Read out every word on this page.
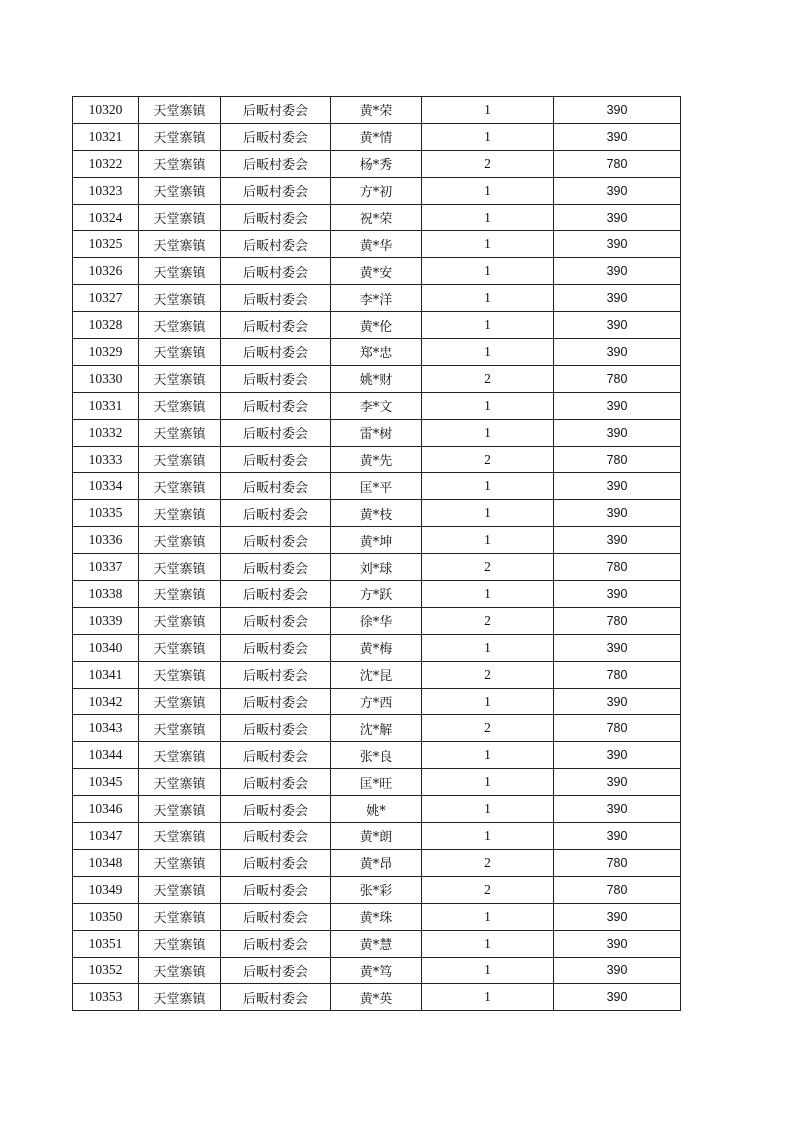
10320	天堂寨镇	后畈村委会	黄*荣	1	390
10321	天堂寨镇	后畈村委会	黄*情	1	390
10322	天堂寨镇	后畈村委会	杨*秀	2	780
10323	天堂寨镇	后畈村委会	方*初	1	390
10324	天堂寨镇	后畈村委会	祝*荣	1	390
10325	天堂寨镇	后畈村委会	黄*华	1	390
10326	天堂寨镇	后畈村委会	黄*安	1	390
10327	天堂寨镇	后畈村委会	李*洋	1	390
10328	天堂寨镇	后畈村委会	黄*伦	1	390
10329	天堂寨镇	后畈村委会	郑*忠	1	390
10330	天堂寨镇	后畈村委会	姚*财	2	780
10331	天堂寨镇	后畈村委会	李*文	1	390
10332	天堂寨镇	后畈村委会	雷*树	1	390
10333	天堂寨镇	后畈村委会	黄*先	2	780
10334	天堂寨镇	后畈村委会	匡*平	1	390
10335	天堂寨镇	后畈村委会	黄*枝	1	390
10336	天堂寨镇	后畈村委会	黄*坤	1	390
10337	天堂寨镇	后畈村委会	刘*球	2	780
10338	天堂寨镇	后畈村委会	方*跃	1	390
10339	天堂寨镇	后畈村委会	徐*华	2	780
10340	天堂寨镇	后畈村委会	黄*梅	1	390
10341	天堂寨镇	后畈村委会	沈*昆	2	780
10342	天堂寨镇	后畈村委会	方*西	1	390
10343	天堂寨镇	后畈村委会	沈*解	2	780
10344	天堂寨镇	后畈村委会	张*良	1	390
10345	天堂寨镇	后畈村委会	匡*旺	1	390
10346	天堂寨镇	后畈村委会	姚*	1	390
10347	天堂寨镇	后畈村委会	黄*朗	1	390
10348	天堂寨镇	后畈村委会	黄*昂	2	780
10349	天堂寨镇	后畈村委会	张*彩	2	780
10350	天堂寨镇	后畈村委会	黄*珠	1	390
10351	天堂寨镇	后畈村委会	黄*慧	1	390
10352	天堂寨镇	后畈村委会	黄*笃	1	390
10353	天堂寨镇	后畈村委会	黄*英	1	390
